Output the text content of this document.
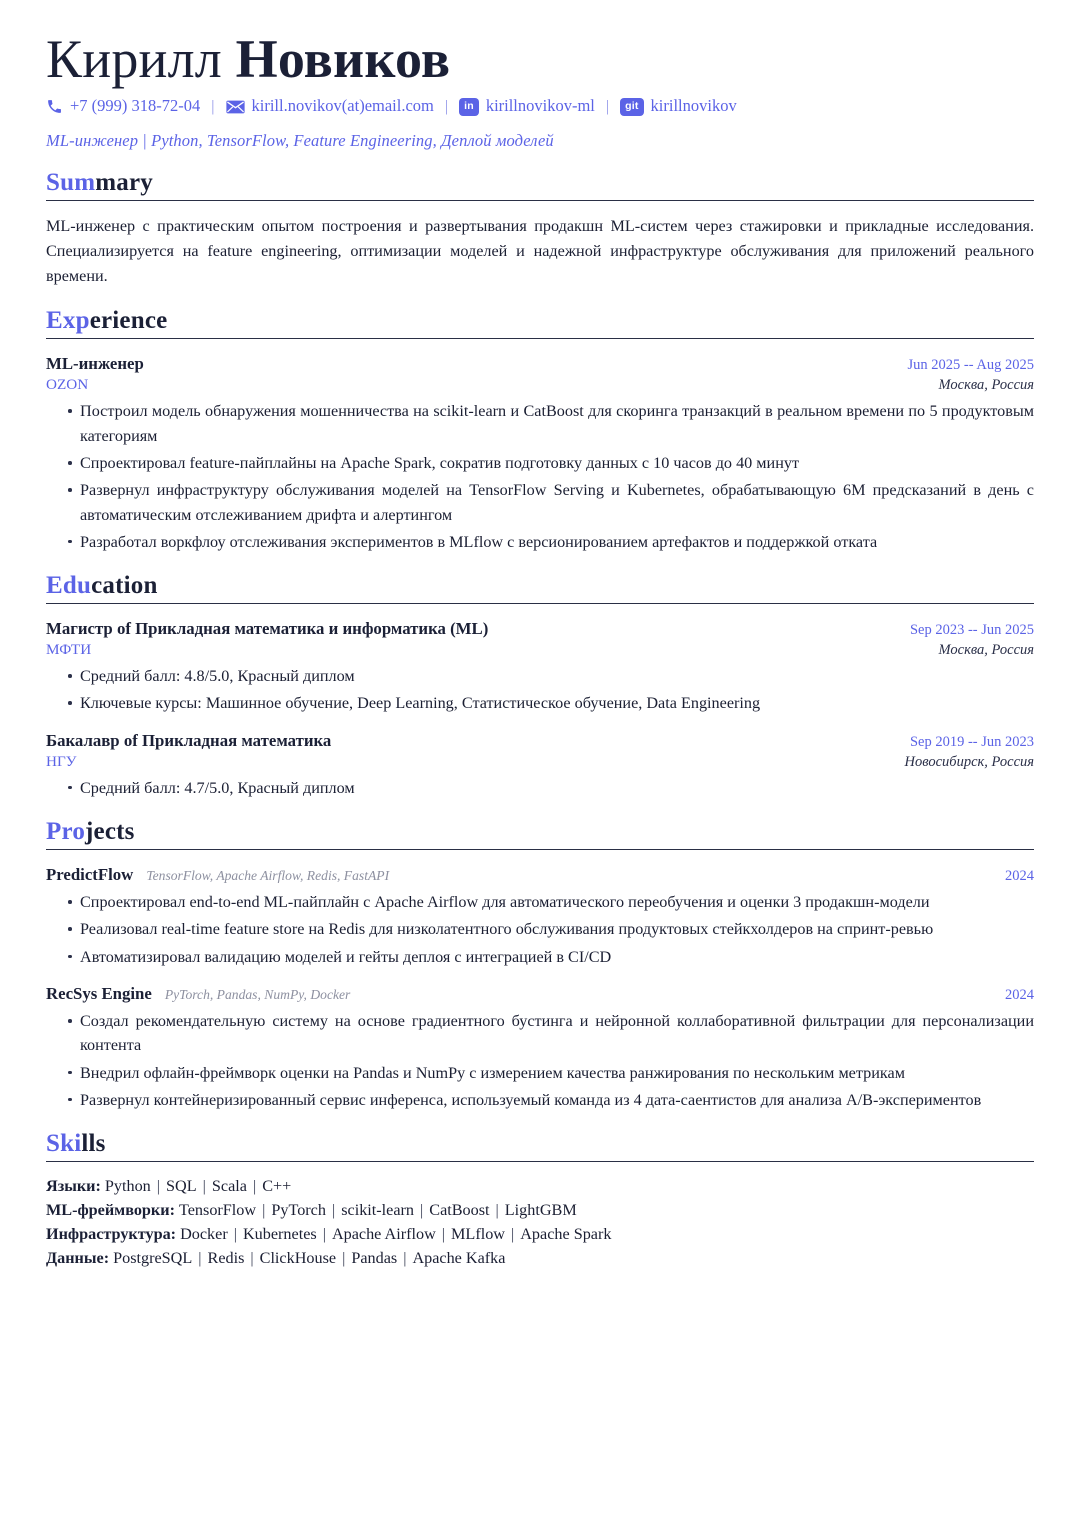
Кирилл Новиков
+7 (999) 318-72-04 |	kirill.novikov(at)email.com |	in kirillnovikov-ml |	git kirillnovikov
ML-инженер | Python, TensorFlow, Feature Engineering, Деплой моделей
Summary

ML-инженер с практическим опытом построения и развертывания продакшн ML-систем через стажировки и прикладные исследования. Специализируется на feature engineering, оптимизации моделей и надежной инфраструктуре обслуживания для приложений реального времени.

Experience
ML-инженер	Jun 2025 -- Aug 2025
OZON	Москва, Россия
Построил модель обнаружения мошенничества на scikit-learn и CatBoost для скоринга транзакций в реальном времени по 5 продуктовым категориям
Спроектировал feature-пайплайны на Apache Spark, сократив подготовку данных с 10 часов до 40 минут
Развернул инфраструктуру обслуживания моделей на TensorFlow Serving и Kubernetes, обрабатывающую 6M предсказаний в день с автоматическим отслеживанием дрифта и алертингом
Разработал воркфлоу отслеживания экспериментов в MLflow с версионированием артефактов и поддержкой отката
Education
Магистр of Прикладная математика и информатика (ML)	Sep 2023 -- Jun 2025
МФТИ	Москва, Россия
Средний балл: 4.8/5.0, Красный диплом
Ключевые курсы: Машинное обучение, Deep Learning, Статистическое обучение, Data Engineering
Бакалавр of Прикладная математика	Sep 2019 -- Jun 2023
НГУ	Новосибирск, Россия
Средний балл: 4.7/5.0, Красный диплом
Projects
PredictFlow TensorFlow, Apache Airflow, Redis, FastAPI	2024
Спроектировал end-to-end ML-пайплайн с Apache Airflow для автоматического переобучения и оценки 3 продакшн-модели
Реализовал real-time feature store на Redis для низколатентного обслуживания продуктовых стейкхолдеров на спринт-ревью
Автоматизировал валидацию моделей и гейты деплоя с интеграцией в CI/CD
RecSys Engine PyTorch, Pandas, NumPy, Docker	2024
Создал рекомендательную систему на основе градиентного бустинга и нейронной коллаборативной фильтрации для персонализации контента
Внедрил офлайн-фреймворк оценки на Pandas и NumPy с измерением качества ранжирования по нескольким метрикам
Развернул контейнеризированный сервис инференса, используемый команда из 4 дата-саентистов для анализа A/B-экспериментов
Skills
Языки: Python | SQL | Scala | C++
ML-фреймворки: TensorFlow | PyTorch | scikit-learn | CatBoost | LightGBM
Инфраструктура: Docker | Kubernetes | Apache Airflow | MLflow | Apache Spark
Данные: PostgreSQL | Redis | ClickHouse | Pandas | Apache Kafka
